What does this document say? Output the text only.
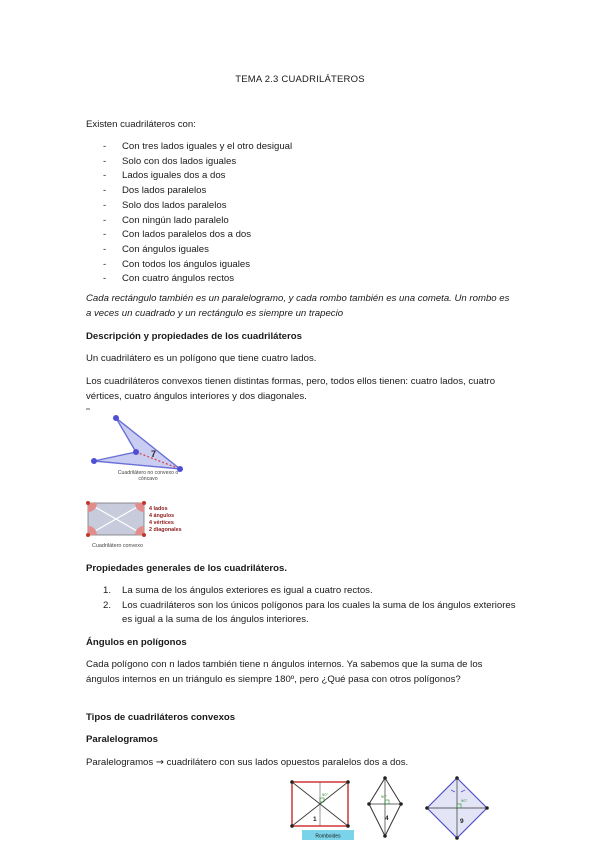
TEMA 2.3 CUADRILÁTEROS
Existen cuadriláteros con:
- Con tres lados iguales y el otro desigual
- Solo con dos lados iguales
- Lados iguales dos a dos
- Dos lados paralelos
- Solo dos lados paralelos
- Con ningún lado paralelo
- Con lados paralelos dos a dos
- Con ángulos iguales
- Con todos los ángulos iguales
- Con cuatro ángulos rectos
Cada rectángulo también es un paralelogramo, y cada rombo también es una cometa. Un rombo es a veces un cuadrado y un rectángulo es siempre un trapecio
Descripción y propiedades de los cuadriláteros
Un cuadrilátero es un polígono que tiene cuatro lados.
Los cuadriláteros convexos tienen distintas formas, pero, todos ellos tienen: cuatro lados, cuatro vértices, cuatro ángulos interiores y dos diagonales.
7
Cuadrilátero no convexo o cóncavo
4 lados
4 ángulos
4 vértices
2 diagonales
Cuadrilátero convexo
Propiedades generales de los cuadriláteros.
1. La suma de los ángulos exteriores es igual a cuatro rectos.
2. Los cuadriláteros son los únicos polígonos para los cuales la suma de los ángulos exteriores es igual a la suma de los ángulos interiores.
Ángulos en polígonos
Cada polígono con n lados también tiene n ángulos internos. Ya sabemos que la suma de los ángulos internos en un triángulo es siempre 180º, pero ¿Qué pasa con otros polígonos?
Tipos de cuadriláteros convexos
Paralelogramos
Paralelogramos → cuadrilátero con sus lados opuestos paralelos dos a dos.
90°
1
Romboides
90°
4
90°
9
